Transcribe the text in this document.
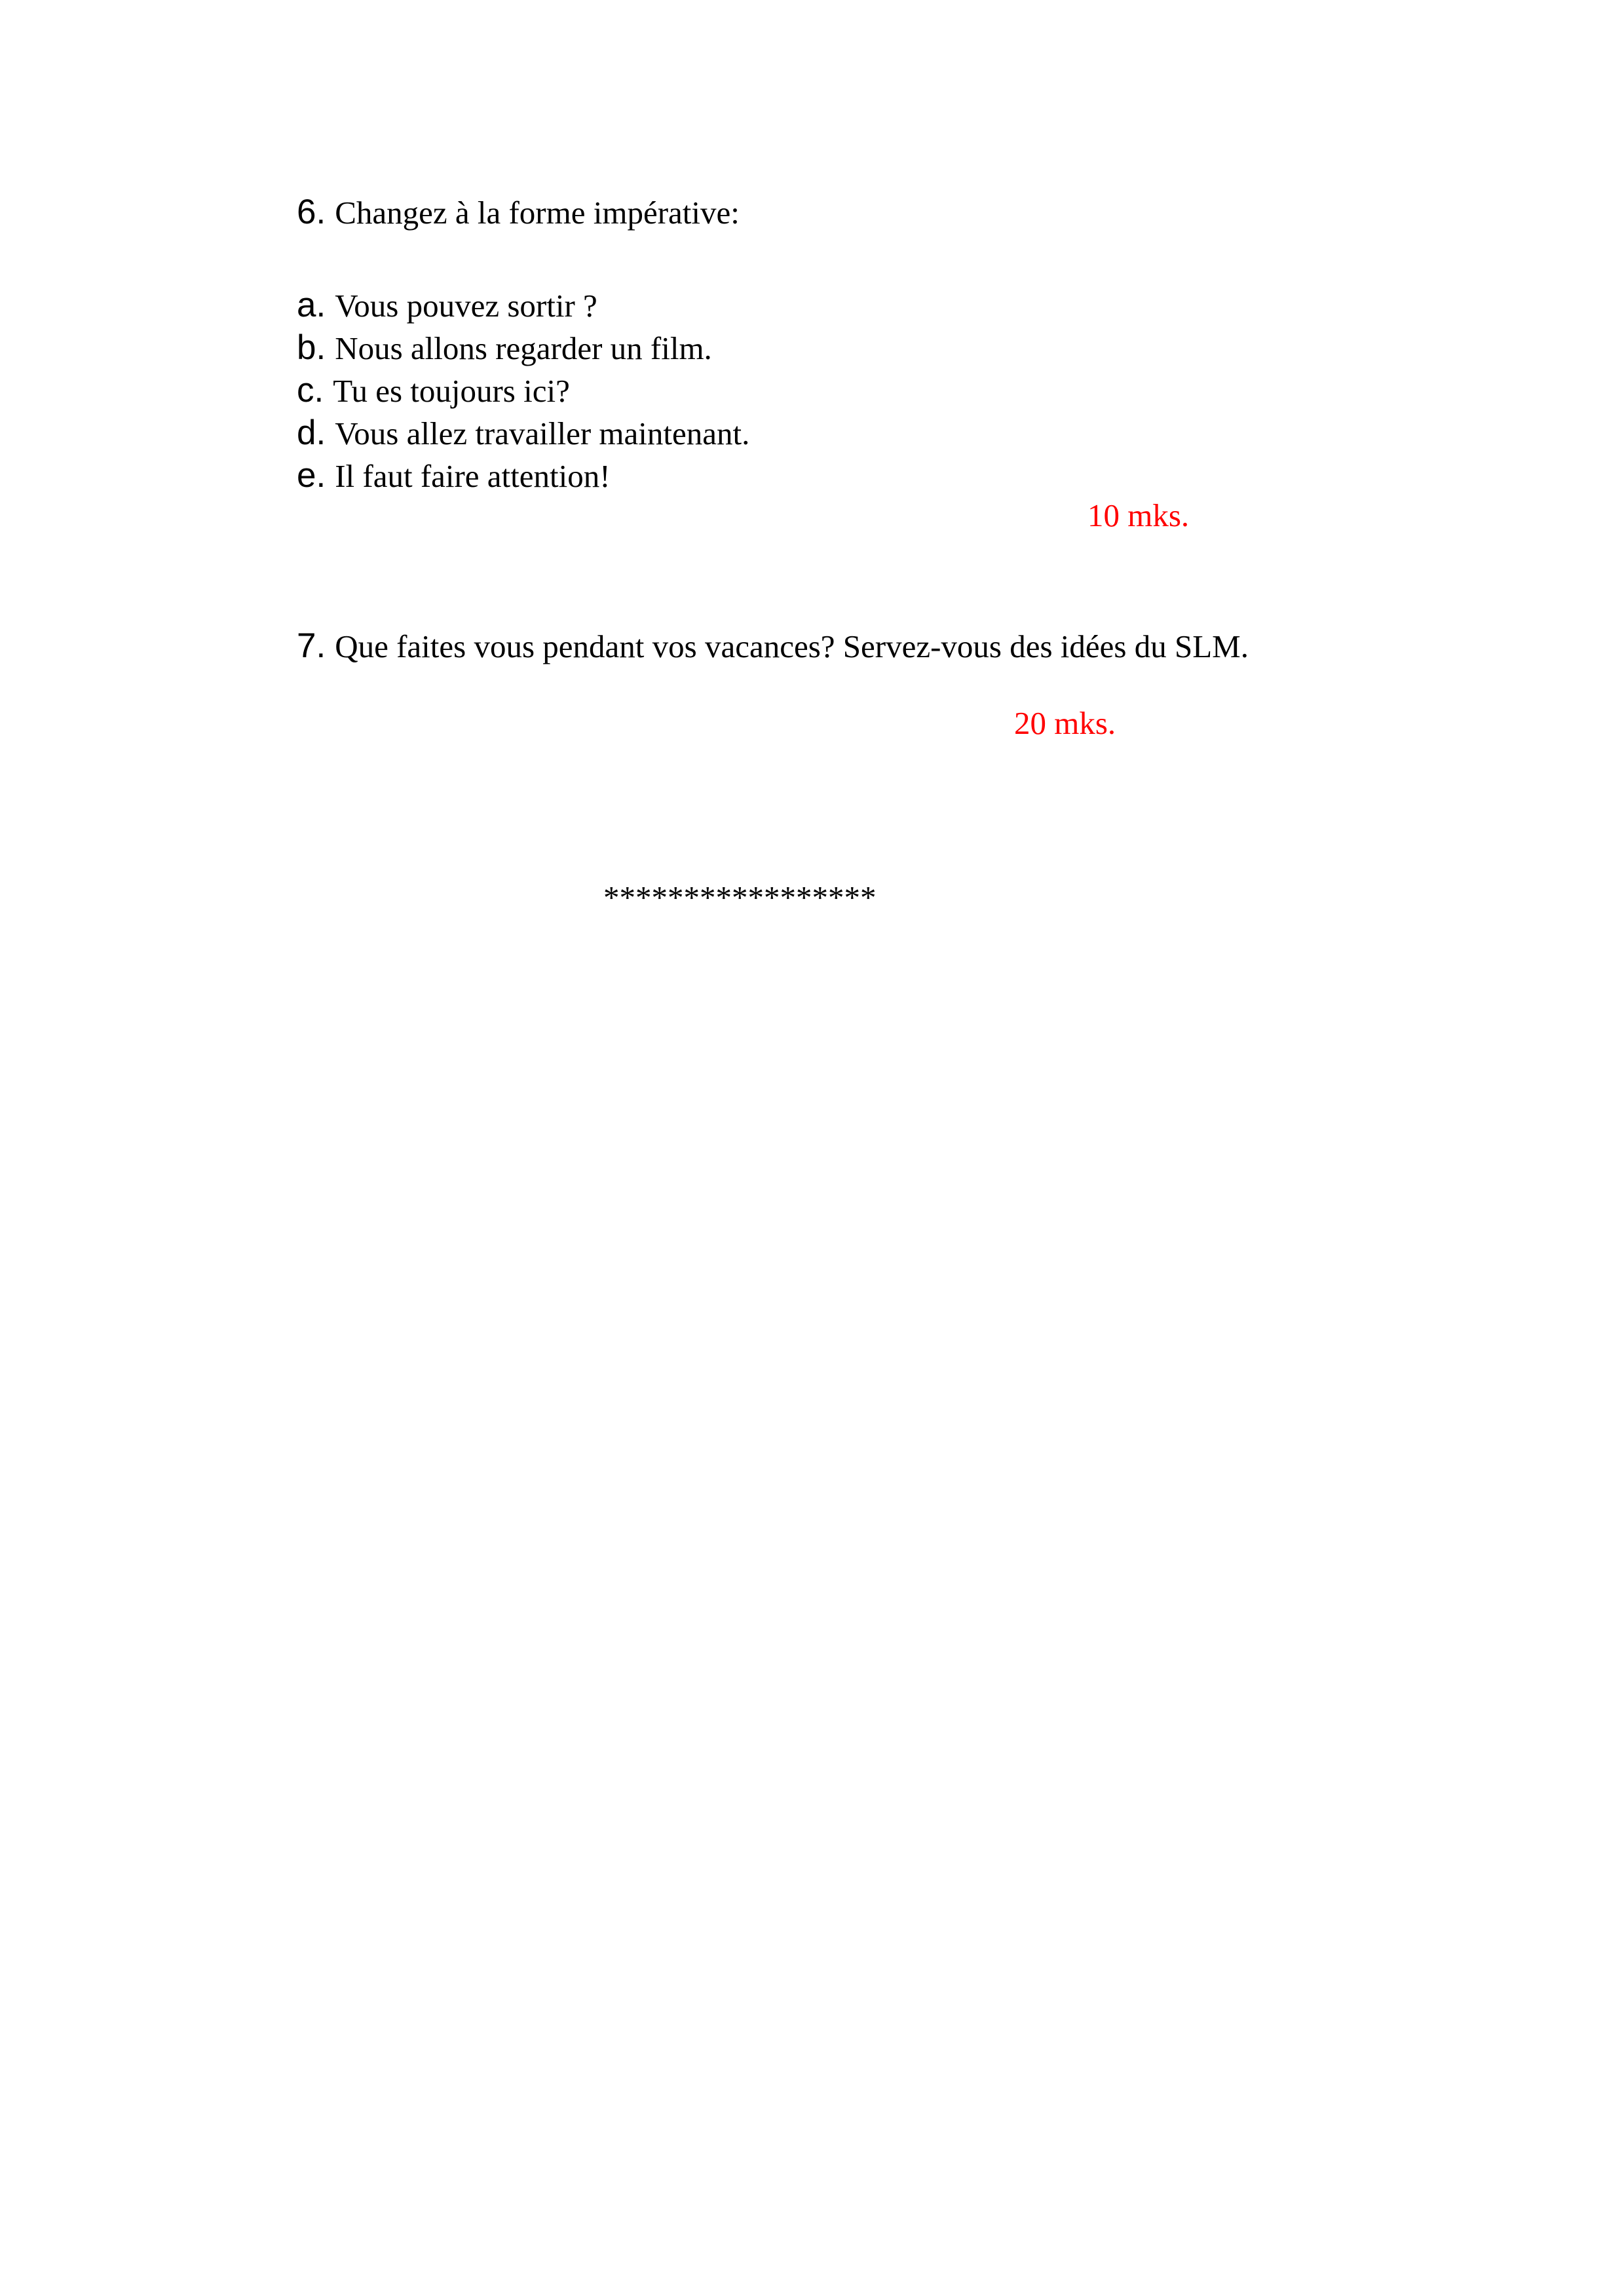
6. Changez à la forme impérative:
a. Vous pouvez sortir ?
b. Nous allons regarder un film.
c. Tu es toujours ici?
d. Vous allez travailler maintenant.
e. Il faut faire attention!
10 mks.
7. Que faites vous pendant vos vacances? Servez-vous des idées du SLM.
20 mks.
*****************
